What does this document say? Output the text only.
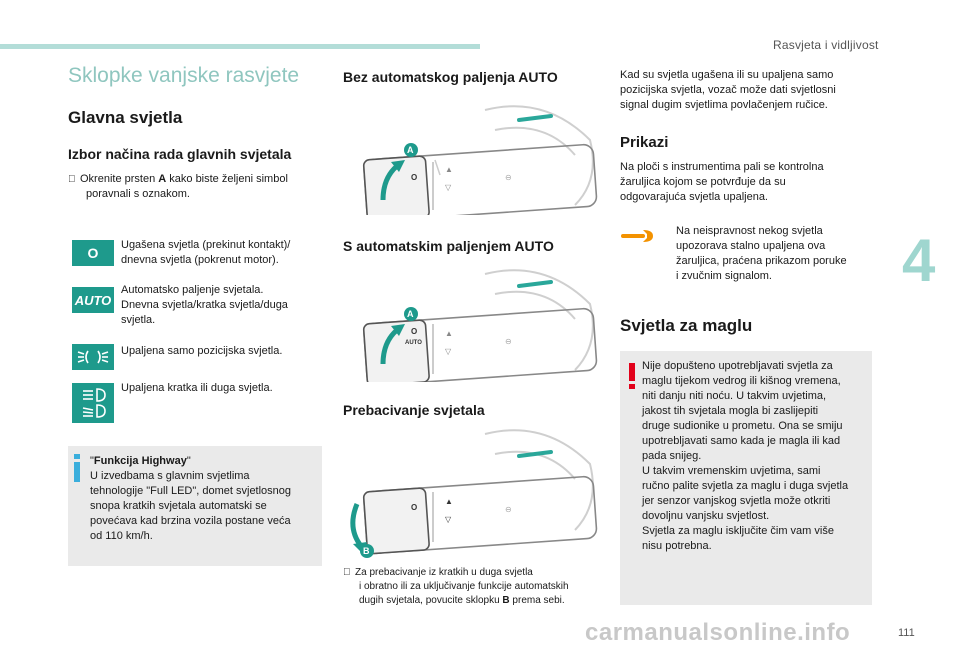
Rasvjeta i vidljivost
4
111
carmanualsonline.info
Sklopke vanjske rasvjete
Glavna svjetla
Izbor načina rada glavnih svjetala
Okrenite prsten A kako biste željeni simbol
poravnali s oznakom.
O	Ugašena svjetla (prekinut kontakt)/
dnevna svjetla (pokrenut motor).
AUTO
Automatsko paljenje svjetala.
Dnevna svjetla/kratka svjetla/duga
svjetla.
Upaljena samo pozicijska svjetla.
Upaljena kratka ili duga svjetla.
"Funkcija Highway"
U izvedbama s glavnim svjetlima
tehnologije "Full LED", domet svjetlosnog
snopa kratkih svjetala automatski se
povećava kad brzina vozila postane veća
od 110 km/h.
Bez automatskog paljenja AUTO
O
▲
▽
⊖
A
S automatskim paljenjem AUTO
O
AUTO
▲
▽
⊖
A
Prebacivanje svjetala
O
▲
▽
⊖
B
Za prebacivanje iz kratkih u duga svjetla
i obratno ili za uključivanje funkcije automatskih
dugih svjetala, povucite sklopku B prema sebi.
Kad su svjetla ugašena ili su upaljena samo
pozicijska svjetla, vozač može dati svjetlosni
signal dugim svjetlima povlačenjem ručice.
Prikazi
Na ploči s instrumentima pali se kontrolna
žaruljica kojom se potvrđuje da su
odgovarajuća svjetla upaljena.
Na neispravnost nekog svjetla
upozorava stalno upaljena ova
žaruljica, praćena prikazom poruke
i zvučnim signalom.
Svjetla za maglu
Nije dopušteno upotrebljavati svjetla za
maglu tijekom vedrog ili kišnog vremena,
niti danju niti noću. U takvim uvjetima,
jakost tih svjetala mogla bi zaslijepiti
druge sudionike u prometu. Ona se smiju
upotrebljavati samo kada je magla ili kad
pada snijeg.
U takvim vremenskim uvjetima, sami
ručno palite svjetla za maglu i duga svjetla
jer senzor vanjskog svjetla može otkriti
dovoljnu vanjsku svjetlost.
Svjetla za maglu isključite čim vam više
nisu potrebna.
